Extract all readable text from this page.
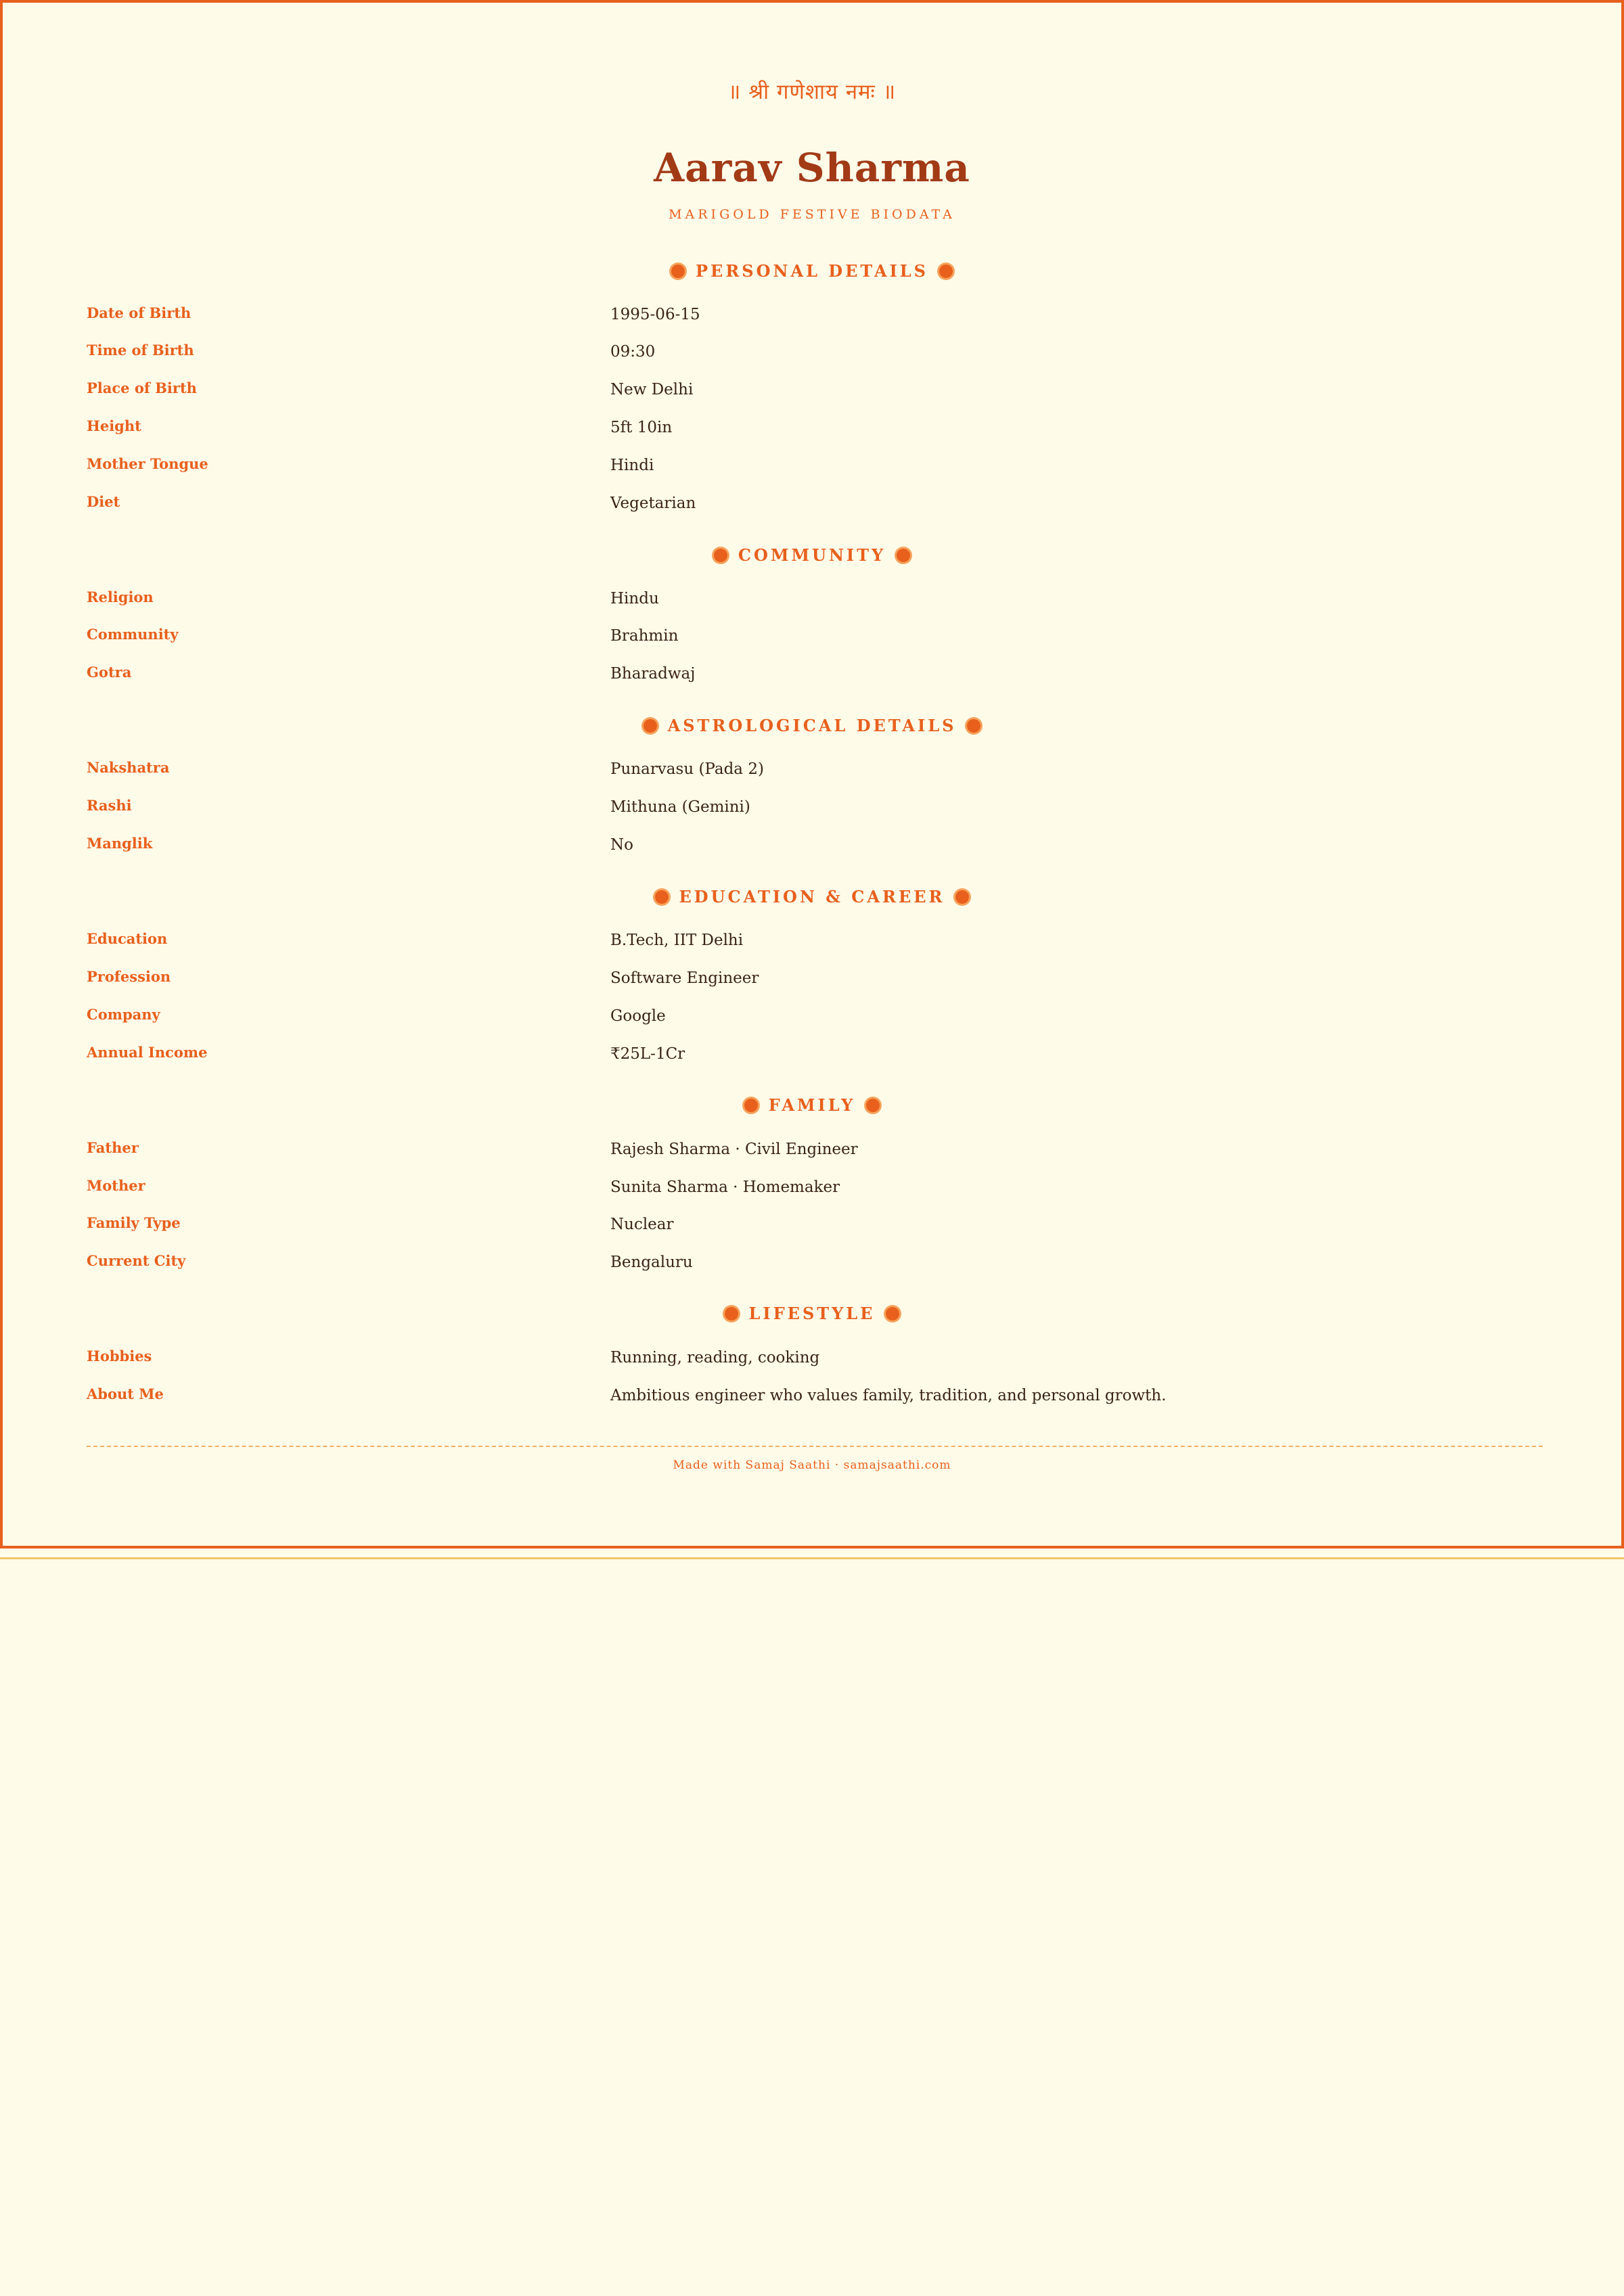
॥ श्री गणेशाय नमः ॥
Aarav Sharma
MARIGOLD FESTIVE BIODATA
PERSONAL DETAILS
Date of Birth	1995-06-15
Time of Birth	09:30
Place of Birth	New Delhi
Height	5ft 10in
Mother Tongue	Hindi
Diet	Vegetarian
COMMUNITY
Religion	Hindu
Community	Brahmin
Gotra	Bharadwaj
ASTROLOGICAL DETAILS
Nakshatra	Punarvasu (Pada 2)
Rashi	Mithuna (Gemini)
Manglik	No
EDUCATION & CAREER
Education	B.Tech, IIT Delhi
Profession	Software Engineer
Company	Google
Annual Income	₹25L-1Cr
FAMILY
Father	Rajesh Sharma · Civil Engineer
Mother	Sunita Sharma · Homemaker
Family Type	Nuclear
Current City	Bengaluru
LIFESTYLE
Hobbies	Running, reading, cooking
About Me	Ambitious engineer who values family, tradition, and personal growth.
Made with Samaj Saathi · samajsaathi.com
